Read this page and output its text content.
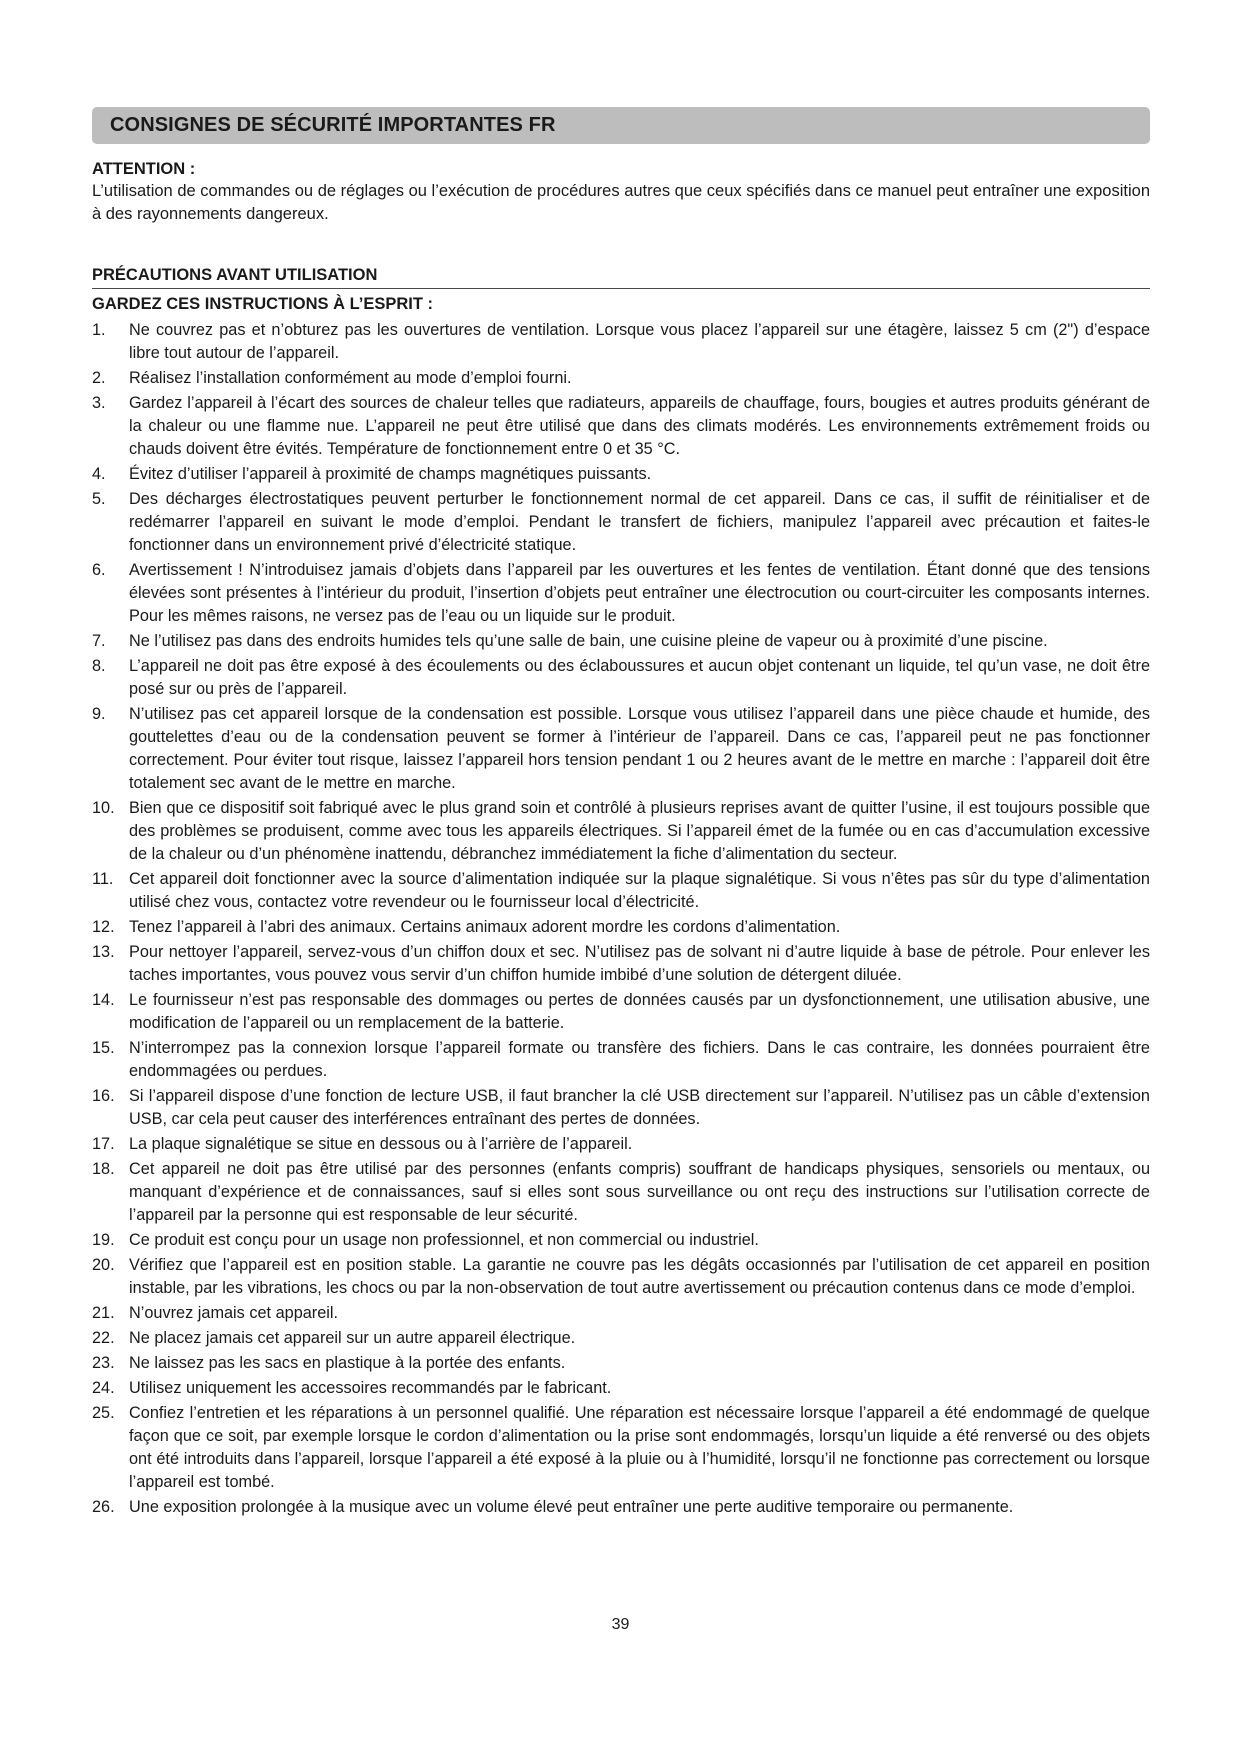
CONSIGNES DE SÉCURITÉ IMPORTANTES FR
ATTENTION :
L’utilisation de commandes ou de réglages ou l’exécution de procédures autres que ceux spécifiés dans ce manuel peut entraîner une exposition à des rayonnements dangereux.
PRÉCAUTIONS AVANT UTILISATION
GARDEZ CES INSTRUCTIONS À L’ESPRIT :
1.	Ne couvrez pas et n’obturez pas les ouvertures de ventilation. Lorsque vous placez l’appareil sur une étagère, laissez 5 cm (2") d’espace libre tout autour de l’appareil.
2.	Réalisez l’installation conformément au mode d’emploi fourni.
3.	Gardez l’appareil à l’écart des sources de chaleur telles que radiateurs, appareils de chauffage, fours, bougies et autres produits générant de la chaleur ou une flamme nue. L’appareil ne peut être utilisé que dans des climats modérés. Les environnements extrêmement froids ou chauds doivent être évités. Température de fonctionnement entre 0 et 35 °C.
4.	Évitez d’utiliser l’appareil à proximité de champs magnétiques puissants.
5.	Des décharges électrostatiques peuvent perturber le fonctionnement normal de cet appareil. Dans ce cas, il suffit de réinitialiser et de redémarrer l’appareil en suivant le mode d’emploi. Pendant le transfert de fichiers, manipulez l’appareil avec précaution et faites-le fonctionner dans un environnement privé d’électricité statique.
6.	Avertissement ! N’introduisez jamais d’objets dans l’appareil par les ouvertures et les fentes de ventilation. Étant donné que des tensions élevées sont présentes à l’intérieur du produit, l’insertion d’objets peut entraîner une électrocution ou court-circuiter les composants internes. Pour les mêmes raisons, ne versez pas de l’eau ou un liquide sur le produit.
7.	Ne l’utilisez pas dans des endroits humides tels qu’une salle de bain, une cuisine pleine de vapeur ou à proximité d’une piscine.
8.	L’appareil ne doit pas être exposé à des écoulements ou des éclaboussures et aucun objet contenant un liquide, tel qu’un vase, ne doit être posé sur ou près de l’appareil.
9.	N’utilisez pas cet appareil lorsque de la condensation est possible. Lorsque vous utilisez l’appareil dans une pièce chaude et humide, des gouttelettes d’eau ou de la condensation peuvent se former à l’intérieur de l’appareil. Dans ce cas, l’appareil peut ne pas fonctionner correctement. Pour éviter tout risque, laissez l’appareil hors tension pendant 1 ou 2 heures avant de le mettre en marche : l’appareil doit être totalement sec avant de le mettre en marche.
10. Bien que ce dispositif soit fabriqué avec le plus grand soin et contrôlé à plusieurs reprises avant de quitter l’usine, il est toujours possible que des problèmes se produisent, comme avec tous les appareils électriques. Si l’appareil émet de la fumée ou en cas d’accumulation excessive de la chaleur ou d’un phénomène inattendu, débranchez immédiatement la fiche d’alimentation du secteur.
11. Cet appareil doit fonctionner avec la source d’alimentation indiquée sur la plaque signalétique. Si vous n’êtes pas sûr du type d’alimentation utilisé chez vous, contactez votre revendeur ou le fournisseur local d’électricité.
12. Tenez l’appareil à l’abri des animaux. Certains animaux adorent mordre les cordons d’alimentation.
13. Pour nettoyer l’appareil, servez-vous d’un chiffon doux et sec. N’utilisez pas de solvant ni d’autre liquide à base de pétrole. Pour enlever les taches importantes, vous pouvez vous servir d’un chiffon humide imbibé d’une solution de détergent diluée.
14. Le fournisseur n’est pas responsable des dommages ou pertes de données causés par un dysfonctionnement, une utilisation abusive, une modification de l’appareil ou un remplacement de la batterie.
15. N’interrompez pas la connexion lorsque l’appareil formate ou transfère des fichiers. Dans le cas contraire, les données pourraient être endommagées ou perdues.
16. Si l’appareil dispose d’une fonction de lecture USB, il faut brancher la clé USB directement sur l’appareil. N’utilisez pas un câble d’extension USB, car cela peut causer des interférences entraînant des pertes de données.
17. La plaque signalétique se situe en dessous ou à l’arrière de l’appareil.
18. Cet appareil ne doit pas être utilisé par des personnes (enfants compris) souffrant de handicaps physiques, sensoriels ou mentaux, ou manquant d’expérience et de connaissances, sauf si elles sont sous surveillance ou ont reçu des instructions sur l’utilisation correcte de l’appareil par la personne qui est responsable de leur sécurité.
19. Ce produit est conçu pour un usage non professionnel, et non commercial ou industriel.
20. Vérifiez que l’appareil est en position stable. La garantie ne couvre pas les dégâts occasionnés par l’utilisation de cet appareil en position instable, par les vibrations, les chocs ou par la non-observation de tout autre avertissement ou précaution contenus dans ce mode d’emploi.
21. N’ouvrez jamais cet appareil.
22. Ne placez jamais cet appareil sur un autre appareil électrique.
23. Ne laissez pas les sacs en plastique à la portée des enfants.
24. Utilisez uniquement les accessoires recommandés par le fabricant.
25. Confiez l’entretien et les réparations à un personnel qualifié. Une réparation est nécessaire lorsque l’appareil a été endommagé de quelque façon que ce soit, par exemple lorsque le cordon d’alimentation ou la prise sont endommagés, lorsqu’un liquide a été renversé ou des objets ont été introduits dans l’appareil, lorsque l’appareil a été exposé à la pluie ou à l’humidité, lorsqu’il ne fonctionne pas correctement ou lorsque l’appareil est tombé.
26. Une exposition prolongée à la musique avec un volume élevé peut entraîner une perte auditive temporaire ou permanente.
39
